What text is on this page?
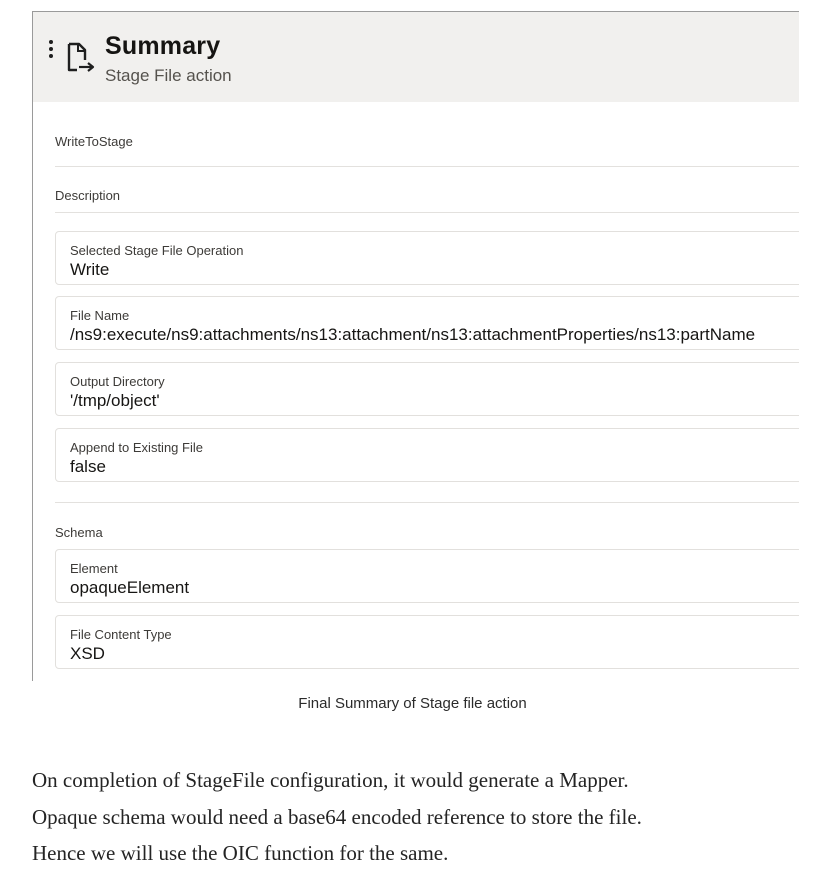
Summary
Stage File action
WriteToStage
Description
Selected Stage File Operation
Write
File Name
/ns9:execute/ns9:attachments/ns13:attachment/ns13:attachmentProperties/ns13:partName
Output Directory
'/tmp/object'
Append to Existing File
false
Schema
Element
opaqueElement
File Content Type
XSD
Final Summary of Stage file action

On completion of StageFile configuration, it would generate a Mapper.

Opaque schema would need a base64 encoded reference to store the file.

Hence we will use the OIC function for the same.
